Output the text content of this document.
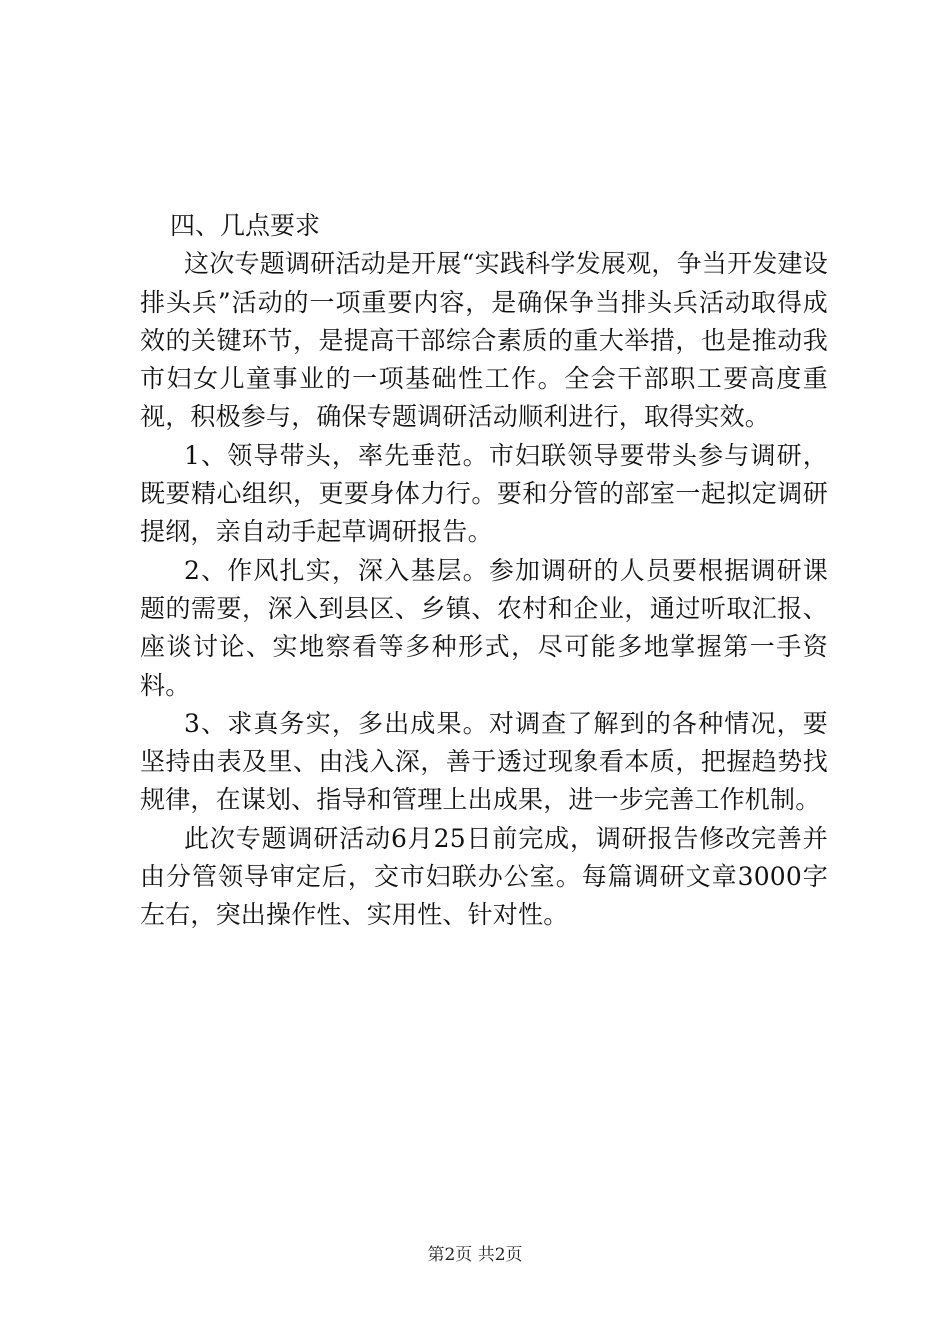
四、几点要求

这次专题调研活动是开展“实践科学发展观，争当开发建设排头兵”活动的一项重要内容，是确保争当排头兵活动取得成效的关键环节，是提高干部综合素质的重大举措，也是推动我市妇女儿童事业的一项基础性工作。全会干部职工要高度重视，积极参与，确保专题调研活动顺利进行，取得实效。

1、领导带头，率先垂范。市妇联领导要带头参与调研，既要精心组织，更要身体力行。要和分管的部室一起拟定调研提纲，亲自动手起草调研报告。

2、作风扎实，深入基层。参加调研的人员要根据调研课题的需要，深入到县区、乡镇、农村和企业，通过听取汇报、座谈讨论、实地察看等多种形式，尽可能多地掌握第一手资料。

3、求真务实，多出成果。对调查了解到的各种情况，要坚持由表及里、由浅入深，善于透过现象看本质，把握趋势找规律，在谋划、指导和管理上出成果，进一步完善工作机制。

此次专题调研活动6月25日前完成，调研报告修改完善并由分管领导审定后，交市妇联办公室。每篇调研文章3000字左右，突出操作性、实用性、针对性。

第2页 共2页
